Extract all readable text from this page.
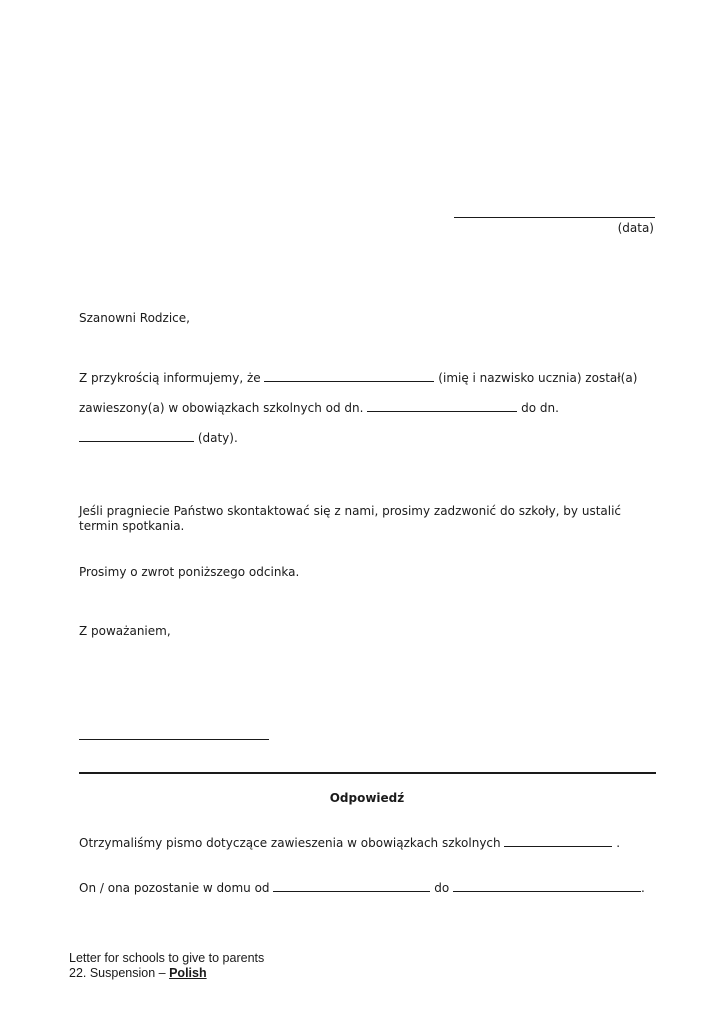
(data)
Szanowni Rodzice,
Z przykrością informujemy, że	(imię i nazwisko ucznia) został(a)
zawieszony(a) w obowiązkach szkolnych od dn.	do dn.
(daty).
Jeśli pragniecie Państwo skontaktować się z nami, prosimy zadzwonić do szkoły, by ustalić termin spotkania.
Prosimy o zwrot poniższego odcinka.
Z poważaniem,
Odpowiedź
Otrzymaliśmy pismo dotyczące zawieszenia w obowiązkach szkolnych	.
On / ona pozostanie w domu od	do	.
Letter for schools to give to parents
22. Suspension – Polish
